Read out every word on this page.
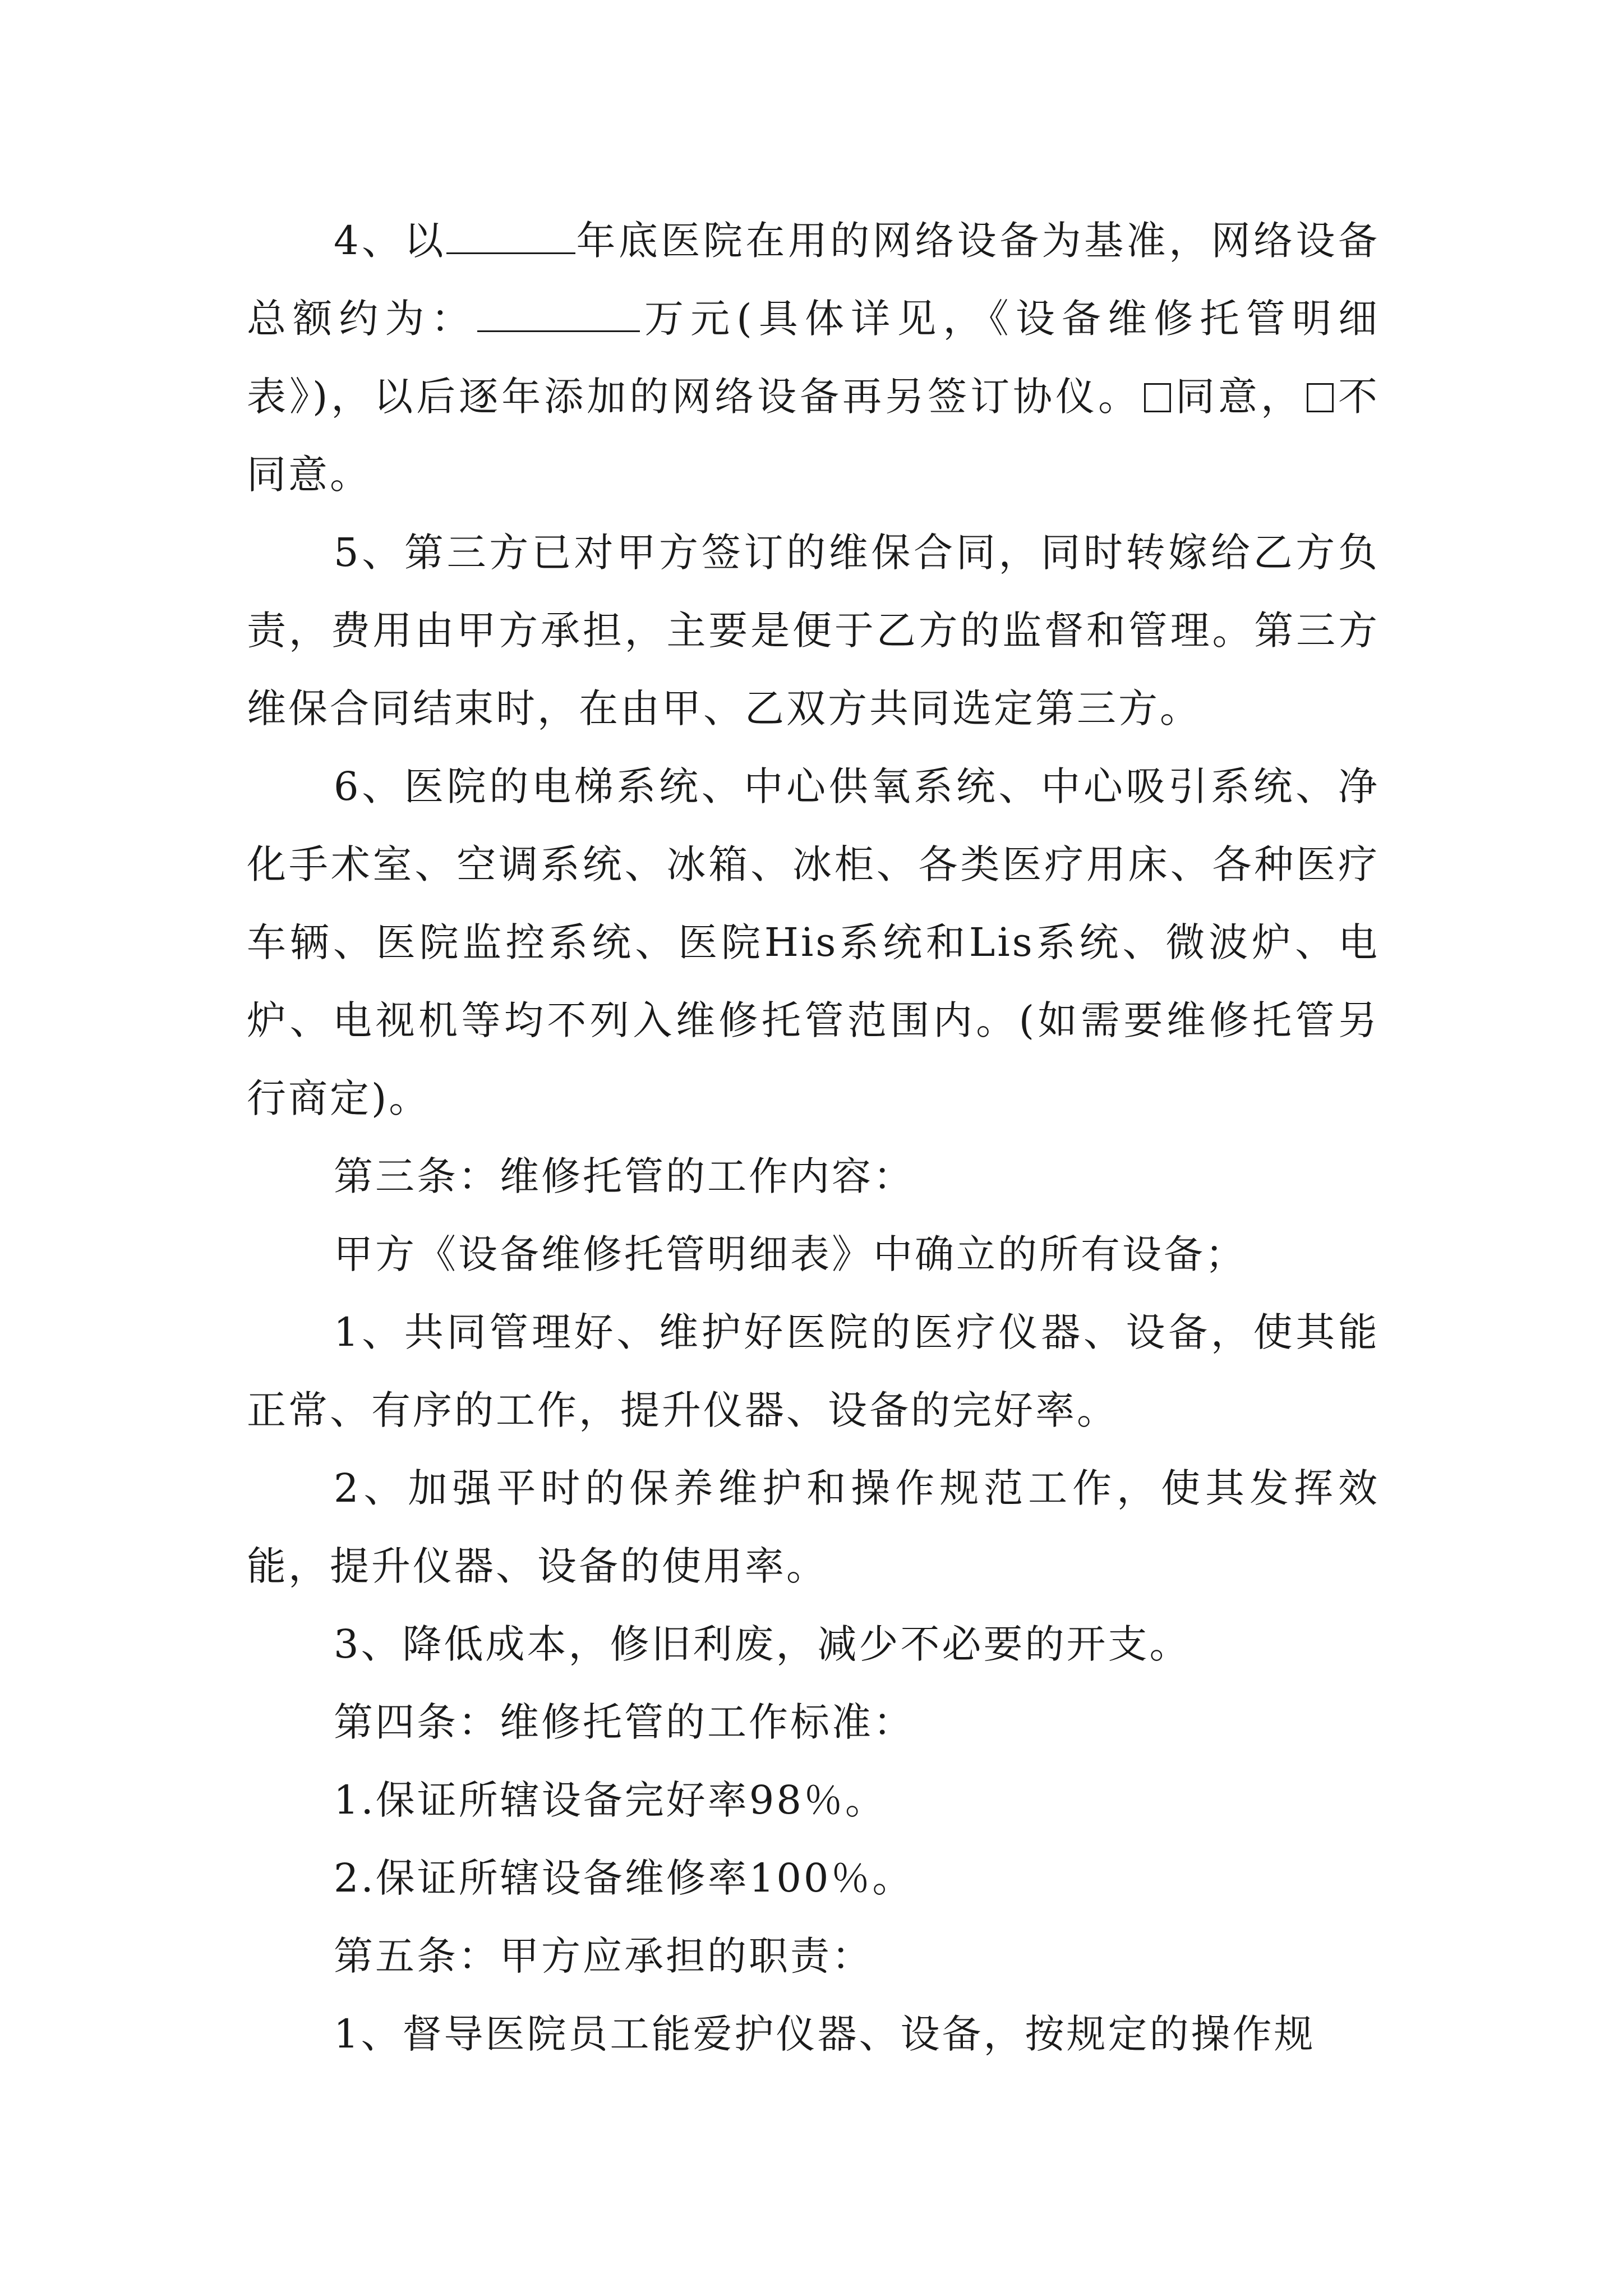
4、以	年底医院在用的网络设备为基准，网络设备总额约为：	万元(具体详见，《设备维修托管明细表》)，以后逐年添加的网络设备再另签订协仪。 同意， 不同意。

5、第三方已对甲方签订的维保合同，同时转嫁给乙方负责，费用由甲方承担，主要是便于乙方的监督和管理。第三方维保合同结束时，在由甲、乙双方共同选定第三方。

6、医院的电梯系统、中心供氧系统、中心吸引系统、净化手术室、空调系统、冰箱、冰柜、各类医疗用床、各种医疗车辆、医院监控系统、医院His系统和Lis系统、微波炉、电炉、电视机等均不列入维修托管范围内。(如需要维修托管另行商定)。

第三条：维修托管的工作内容：

甲方《设备维修托管明细表》中确立的所有设备；

1、共同管理好、维护好医院的医疗仪器、设备，使其能正常、有序的工作，提升仪器、设备的完好率。

2、加强平时的保养维护和操作规范工作，使其发挥效能，提升仪器、设备的使用率。

3、降低成本，修旧利废，减少不必要的开支。

第四条：维修托管的工作标准：

1.保证所辖设备完好率98％。

2.保证所辖设备维修率100％。

第五条：甲方应承担的职责：

1、督导医院员工能爱护仪器、设备，按规定的操作规
